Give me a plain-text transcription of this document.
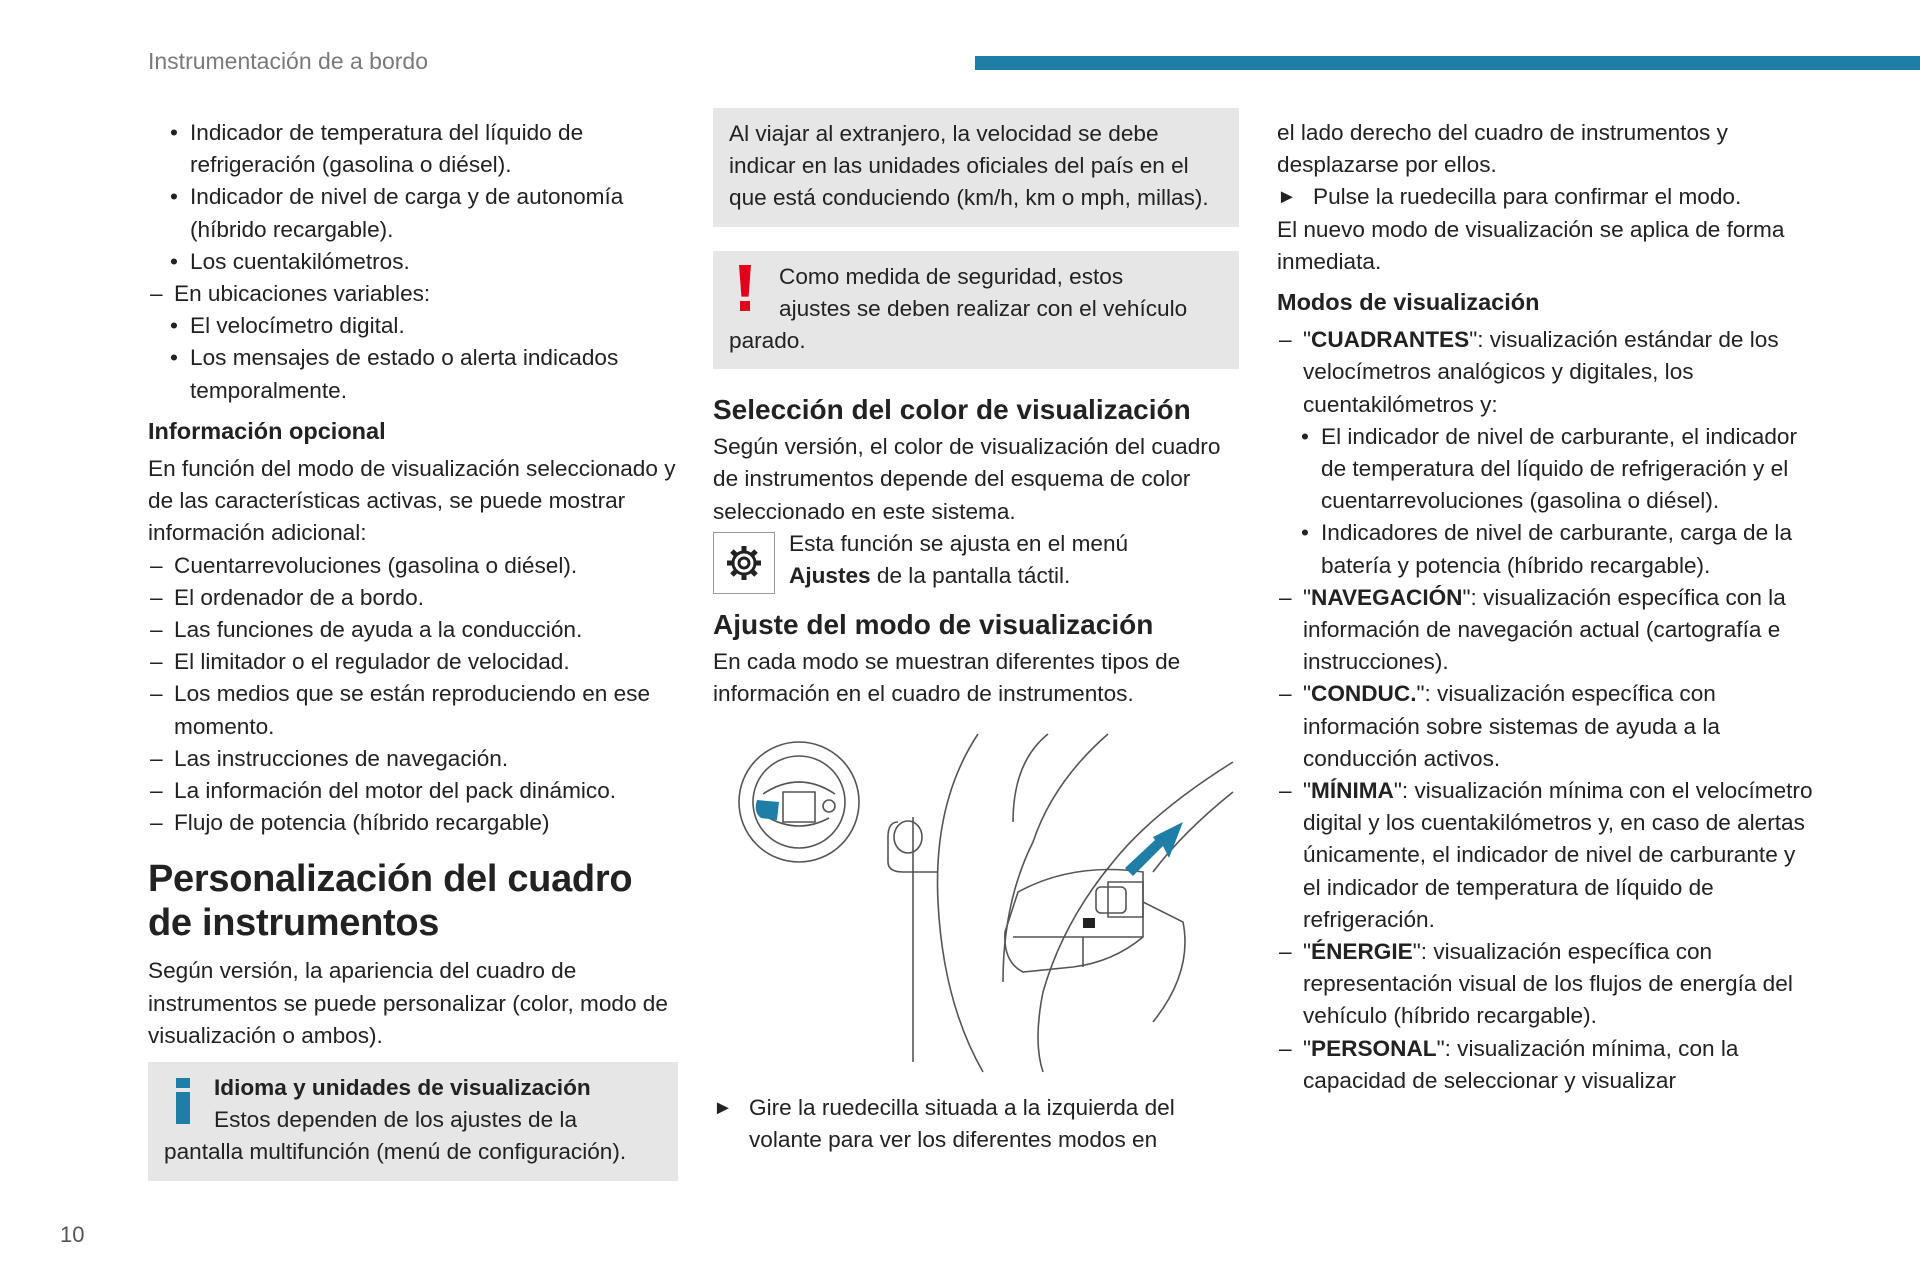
Instrumentación de a bordo

• Indicador de temperatura del líquido de refrigeración (gasolina o diésel).

• Indicador de nivel de carga y de autonomía (híbrido recargable).

• Los cuentakilómetros.

– En ubicaciones variables:

• El velocímetro digital.

• Los mensajes de estado o alerta indicados temporalmente.

Información opcional

En función del modo de visualización seleccionado y de las características activas, se puede mostrar información adicional:

– Cuentarrevoluciones (gasolina o diésel).

– El ordenador de a bordo.

– Las funciones de ayuda a la conducción.

– El limitador o el regulador de velocidad.

– Los medios que se están reproduciendo en ese momento.

– Las instrucciones de navegación.

– La información del motor del pack dinámico.

– Flujo de potencia (híbrido recargable)

Personalización del cuadro de instrumentos

Según versión, la apariencia del cuadro de instrumentos se puede personalizar (color, modo de visualización o ambos).

Idioma y unidades de visualización

Estos dependen de los ajustes de la

pantalla multifunción (menú de configuración).

Al viajar al extranjero, la velocidad se debe indicar en las unidades oficiales del país en el que está conduciendo (km/h, km o mph, millas).

Como medida de seguridad, estos

ajustes se deben realizar con el vehículo

parado.

Selección del color de visualización

Según versión, el color de visualización del cuadro de instrumentos depende del esquema de color seleccionado en este sistema.

Esta función se ajusta en el menú
Ajustes de la pantalla táctil.

Ajuste del modo de visualización

En cada modo se muestran diferentes tipos de información en el cuadro de instrumentos.

► Gire la ruedecilla situada a la izquierda del volante para ver los diferentes modos en

el lado derecho del cuadro de instrumentos y desplazarse por ellos.

► Pulse la ruedecilla para confirmar el modo.

El nuevo modo de visualización se aplica de forma inmediata.

Modos de visualización

– "CUADRANTES": visualización estándar de los velocímetros analógicos y digitales, los cuentakilómetros y:

• El indicador de nivel de carburante, el indicador de temperatura del líquido de refrigeración y el cuentarrevoluciones (gasolina o diésel).

• Indicadores de nivel de carburante, carga de la batería y potencia (híbrido recargable).

– "NAVEGACIÓN": visualización específica con la información de navegación actual (cartografía e instrucciones).

– "CONDUC.": visualización específica con información sobre sistemas de ayuda a la conducción activos.

– "MÍNIMA": visualización mínima con el velocímetro digital y los cuentakilómetros y, en caso de alertas únicamente, el indicador de nivel de carburante y el indicador de temperatura de líquido de refrigeración.

– "ÉNERGIE": visualización específica con representación visual de los flujos de energía del vehículo (híbrido recargable).

– "PERSONAL": visualización mínima, con la capacidad de seleccionar y visualizar

10
